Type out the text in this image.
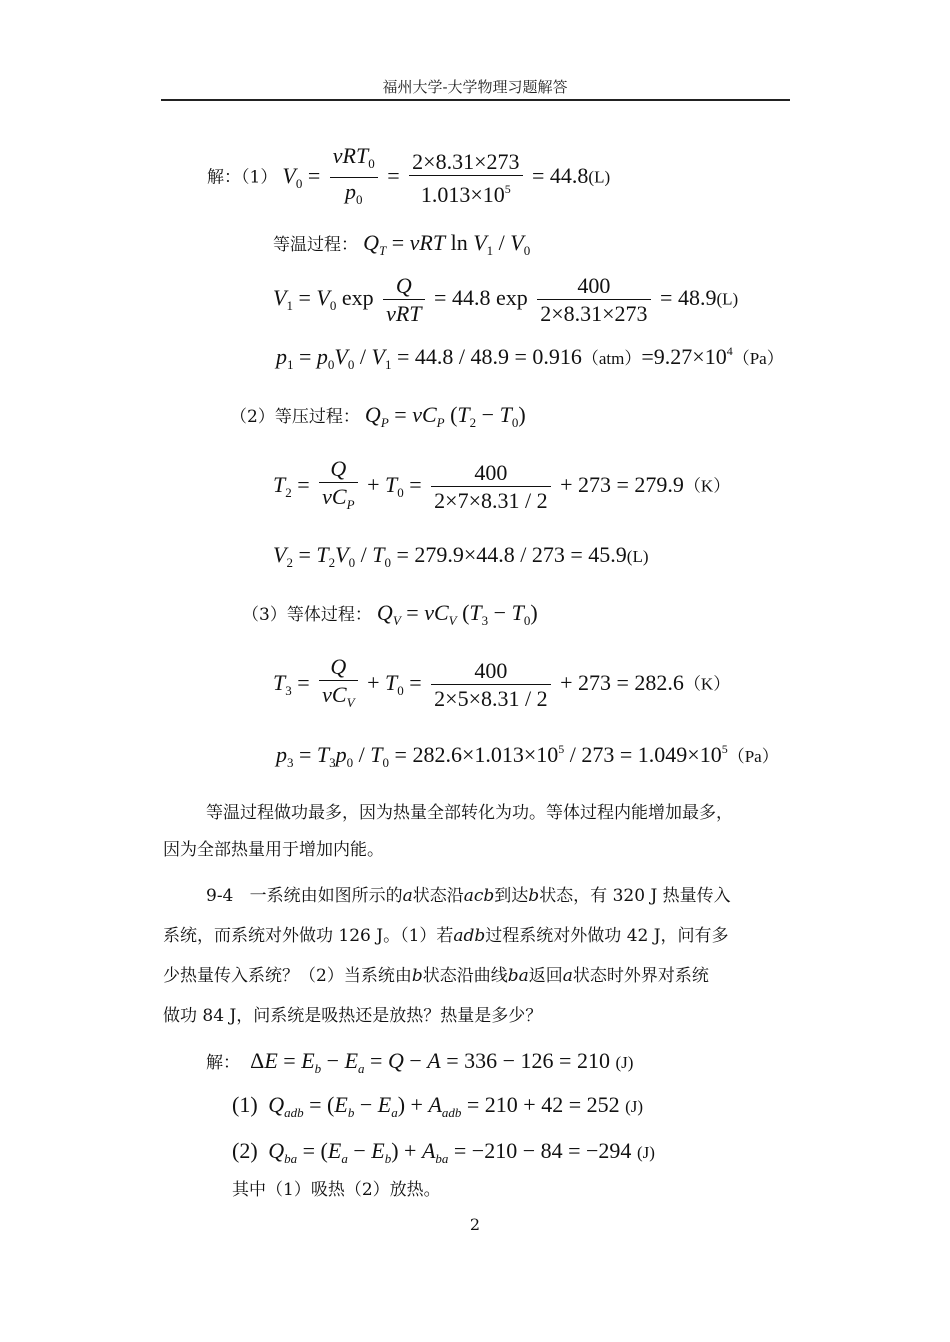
福州大学-大学物理习题解答
解：（1） $V_0 = \frac{vRT_0}{p_0} = \frac{2\times 8.31\times 273}{1.013\times 10^5} = 44.8(L)$
等温过程： $Q_T$ = vRT $\ln V_1 / V_0$
$V_1 = V_0$ $\exp \frac{Q}{\text{vRT}} = 44.8$ $\exp \frac{400}{2\times 8.31\times 273} = 48.9(L)$
$p_1 = p_0V_0 / V_1 = 44.8 / 48.9 = 0.916(atm)=9.27\times 10^4(Pa)$
（2）等压过程： $Q_P = vC_P$ $(T_2 - T_0)$
$T_2 = \frac{Q}{vC_P} + T_0 = \frac{400}{2\times 7\times 8.31 / 2} + 273 = 279.9(K)$
$V_2 = T_2V_0 / T_0 = 279.9\times 44.8 / 273 = 45.9(L)$
（3）等体过程： $Q_V = vC_V$ $(T_3 - T_0)$
$T_3 = \frac{Q}{vC_V} + T_0 = \frac{400}{2\times 5\times 8.31 / 2} + 273 = 282.6(K)$
$p_3 = T_3p_0 / T_0 = 282.6\times 1.013\times 10^5 / 273 = 1.049\times 10^5(Pa)$
等温过程做功最多，因为热量全部转化为功。等体过程内能增加最多，
因为全部热量用于增加内能。
9-4 一系统由如图所示的a状态沿acb到达b状态，有 320 J 热量传入
系统，而系统对外做功 126 J。（1）若adb过程系统对外做功 42 J，问有多
少热量传入系统？（2）当系统由b状态沿曲线ba返回a状态时外界对系统
做功 84 J，问系统是吸热还是放热？热量是多少？
解： $\Delta E = E_b - E_a = Q - A = 336 - 126 = 210$ (J)
(1) $Q_{adb} = (E_b - E_a) + A_{adb} = 210 + 42 = 252$ (J)
(2) $Q_{ba} = (E_a - E_b) + A_{ba} = -210 - 84 = -294$ (J)
其中（1）吸热（2）放热。
2
